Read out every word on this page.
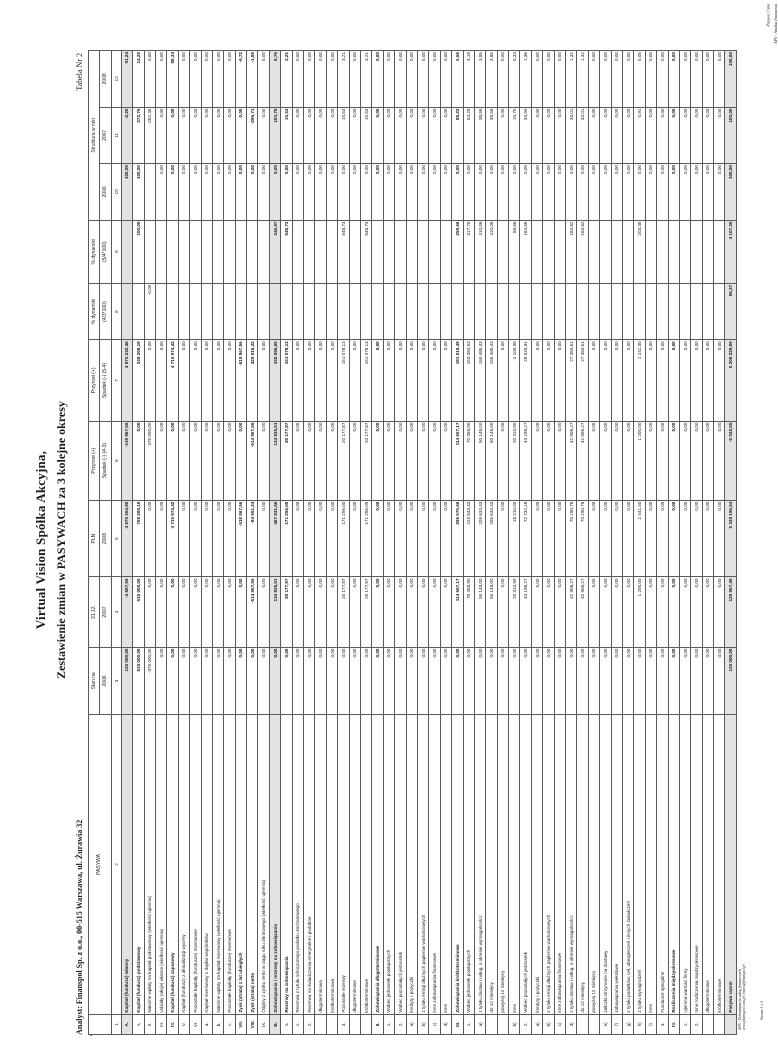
APS - Analiza finansowa
Pasywa 3 lata
Strona 1 z 3
Virtual Vision Spółka Akcyjna, Zestawienie zmian w PASYWACH za 3 kolejne okresy
Analyst: Finanspol Sp. z o.o., 00-515 Warszawa, ul. Żurawia 32
Tabela Nr 2
	PASYWA	Stan na	31.12.	PLN	Przyrost (+)	Przyrost (+)	% dynamiki	% dynamiki	Struktura w mln		
		2006	2007	2008	Spadek (-) (4-3)	Spadek (-) (5-4)	(4/3*100)	(5/4*100)	2006	2007	2008
1	2	3	4	5	6	7	8	9	10	11	12
A.	Kapitał (fundusz) własny	135 000,00	-4 867,56	4 870 364,80	-139 867,56	4 875 232,46			100,00	-2,25	91,24
I.	Kapitał (fundusz) podstawowy	510 000,00	510 000,00	758 209,18	0,00	248 209,18		100,00	100,00	272,76	14,20
II.	Należne wpłaty na kapitał podstawowy (wielkość ujemna)	-375 000,00	0,00	0,00	375 000,00	0,00	-0,00			-282,45	0,00
III.	Udziały (akcje) własne (wielkość ujemna)	0,00	0,00	0,00	0,00	0,00			0,00	0,00	0,00
IV.	Kapitał (fundusz) zapasowy	0,00	0,00	4 715 974,42	0,00	4 715 974,42			0,00	0,00	88,34
V.	Kapitał (fundusz) z aktualizacji wyceny	0,00	0,00	0,00	0,00	0,00			0,00	0,00	0,00
VI.	Pozostałe kapitały (fundusze) rezerwowe	0,00	0,00	0,00	0,00	0,00			0,00	0,00	0,00
a.	Kapitał rezerwowy z dopłat wspólników	0,00	0,00	0,00	0,00	0,00			0,00	0,00	0,00
b.	Należne wpłaty na kapitał rezerwowy (wielkość ujemna)	0,00	0,00	0,00	0,00	0,00			0,00	0,00	0,00
c.	Pozostałe kapitały (fundusze) rezerwowe	0,00	0,00	0,00	0,00	0,00			0,00	0,00	0,00
VII.	Zysk (strata) z lat ubiegłych	0,00	0,00	-518 867,56	0,00	-518 867,56			0,00	0,00	-9,72
VIII.	Zysk (strata) netto	0,00	-514 867,56	-84 951,24	-514 867,56	429 916,32			0,00	-296,71	-1,59
IX.	Odpisy z zysku netto w ciągu roku obrotowego (wielkość ujemna)	0,00	0,00	0,00	0,00	0,00			0,00	0,00	0,00
B.	Zobowiązania i rezerwy na zobowiązania	0,00	134 835,01	467 831,66	134 835,01	332 996,65		346,97	0,00	103,78	8,76
I.	Rezerwy na zobowiązania	0,00	20 177,87	171 256,00	20 177,87	151 078,13		848,73	0,00	15,53	3,21
1.	Rezerwa z tytułu odroczonego podatku dochodowego	0,00	0,00	0,00	0,00	0,00			0,00	0,00	0,00
2.	Rezerwa na świadczenia emerytalne i podobne	0,00	0,00	0,00	0,00	0,00			0,00	0,00	0,00
	długoterminowa	0,00	0,00	0,00	0,00	0,00			0,00	0,00	0,00
	krótkoterminowa	0,00	0,00	0,00	0,00	0,00			0,00	0,00	0,00
3.	Pozostałe rezerwy	0,00	20 177,87	171 256,00	20 177,87	151 078,13		848,73	0,00	15,53	3,21
	długoterminowe	0,00	0,00	0,00	0,00	0,00			0,00	0,00	0,00
	krótkoterminowe	0,00	20 177,87	171 256,00	20 177,87	151 078,13		848,73	0,00	15,53	3,21
II.	Zobowiązania długoterminowe	0,00	0,00	0,00	0,00	0,00			0,00	0,00	0,00
1.	Wobec jednostek powiązanych	0,00	0,00	0,00	0,00	0,00			0,00	0,00	0,00
2.	Wobec pozostałych jednostek	0,00	0,00	0,00	0,00	0,00			0,00	0,00	0,00
a)	kredyty i pożyczki	0,00	0,00	0,00	0,00	0,00			0,00	0,00	0,00
b)	z tytułu emisji dłużnych papierów wartościowych	0,00	0,00	0,00	0,00	0,00			0,00	0,00	0,00
c)	inne zobowiązania finansowe	0,00	0,00	0,00	0,00	0,00			0,00	0,00	0,00
d)	inne	0,00	0,00	0,00	0,00	0,00			0,00	0,00	0,00
III.	Zobowiązania krótkoterminowe	0,00	114 657,17	296 575,66	114 657,17	181 918,49		258,66	0,00	88,22	5,56
1.	Wobec jednostek powiązanych	0,00	70 458,90	223 843,43	70 458,90	153 384,53		317,70	0,00	54,28	4,19
a)	z tytułu dostaw i usług, o okresie wymagalności:	0,00	50 148,00	205 633,43	50 148,00	155 485,43		410,06	0,00	38,58	3,85
	do 12 miesięcy	0,00	50 148,00	205 633,43	50 148,00	155 485,43		410,06	0,00	38,58	3,85
	powyżej 12 miesięcy	0,00	0,00	0,00	0,00	0,00			0,00	0,00	0,00
b)	inne	0,00	20 310,90	18 210,00	20 310,90	-2 100,90		89,66	0,00	15,70	0,34
2.	Wobec pozostałych jednostek	0,00	44 198,27	72 732,18	44 198,27	28 533,91		164,56	0,00	33,94	1,36
a)	kredyty i pożyczki	0,00	0,00	0,00	0,00	0,00			0,00	0,00	0,00
b)	z tytułu emisji dłużnych papierów wartościowych	0,00	0,00	0,00	0,00	0,00			0,00	0,00	0,00
c)	inne zobowiązania finansowe	0,00	0,00	0,00	0,00	0,00			0,00	0,00	0,00
d)	z tytułu dostaw i usług, o okresie wymagalności:	0,00	42 906,27	70 290,78	42 906,27	27 384,51		163,82	0,00	33,01	1,32
	do 12 miesięcy	0,00	42 906,27	70 290,78	42 906,27	27 384,51		163,82	0,00	33,01	1,32
	powyżej 12 miesięcy	0,00	0,00	0,00	0,00	0,00			0,00	0,00	0,00
e)	zaliczki otrzymane na dostawy	0,00	0,00	0,00	0,00	0,00			0,00	0,00	0,00
f)	zobowiązania wekslowe	0,00	0,00	0,00	0,00	0,00			0,00	0,00	0,00
g)	z tytułu podatków, ceł, ubezpieczeń i innych świadczeń	0,00	0,00	0,00	0,00	0,00			0,00	0,00	0,00
h)	z tytułu wynagrodzeń	0,00	1 200,00	2 441,40	1 200,00	1 241,40		203,45	0,00	0,91	0,05
i)	inne	0,00	0,00	0,00	0,00	0,00			0,00	0,00	0,00
3.	Fundusze specjalne	0,00	0,00	0,00	0,00	0,00			0,00	0,00	0,00
IV.	Rozliczenia międzyokresowe	0,00	0,00	0,00	0,00	0,00			0,00	0,00	0,00
1.	Ujemna wartość firmy	0,00	0,00	0,00	0,00	0,00			0,00	0,00	0,00
2.	Inne rozliczenia międzyokresowe	0,00	0,00	0,00	0,00	0,00			0,00	0,00	0,00
	długoterminowe	0,00	0,00	0,00	0,00	0,00			0,00	0,00	0,00
	krótkoterminowe	0,00	0,00	0,00	0,00	0,00			0,00	0,00	0,00
	Pasywa razem	135 000,00	129 967,45	5 338 196,54	-5 032,55	5 208 229,09	96,27	4 107,35	100,00	100,00	100,00
APS - Dokumentacja usług finansowych www.finanspol.com.pl; biuro@finanspol.pl
